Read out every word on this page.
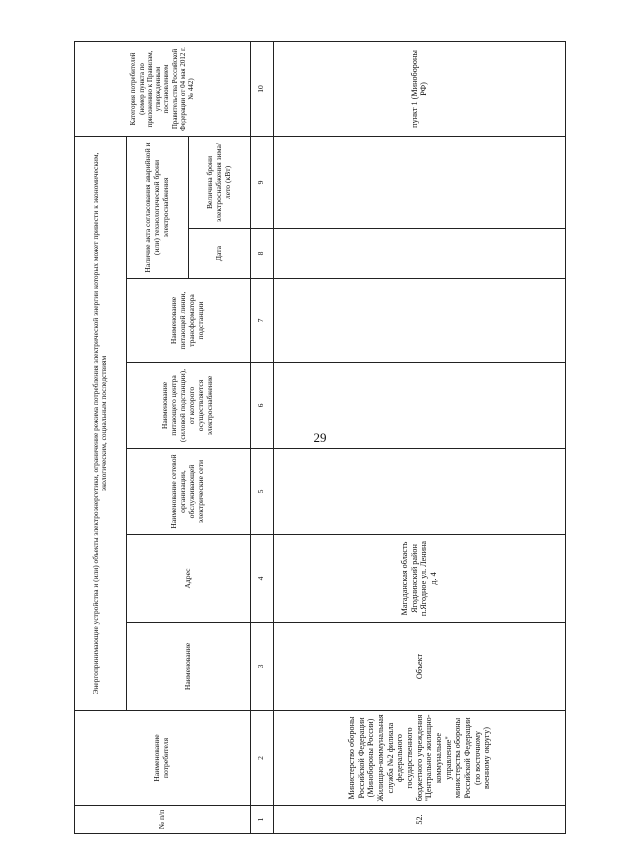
29
№ п/п	Наименование потребителя	Энергопринимающие устройства и (или) объекты электроэнергетики, ограничение режима потребления электрической энергии которых может привести к экономическим, экологическим, социальным последствиям							Категория потребителей (номер пункта по приложению к Правилам, утвержденным постановлением Правительства Российской Федерации от 04 мая 2012 г. № 442)
		Наименование	Адрес	Наименование сетевой организации, обслуживающей электрические сети	Наименование питающего центра (силовой подстанции), от которого осуществляется электроснабжение	Наименование питающей линии, трансформатора подстанции	Наличие акта согласования аварийной и (или) технологической брони электроснабжения		
							Дата	Величина брони электроснабжения зима/лето (кВт)	
1	2	3	4	5	6	7	8	9	10
52.	Министерство обороны Российской Федерации (Минобороны России) Жилищно-коммунальная служба №2 филиала федерального государственного бюджетного учреждения "Центральное жилищно-коммунальное управление" министерства обороны Российской Федерации (по восточному военному округу)	Объект	Магаданская область Ягоднинский район п.Ягодное ул. Ленина д. 4						пункт 1 (Минобороны РФ)
